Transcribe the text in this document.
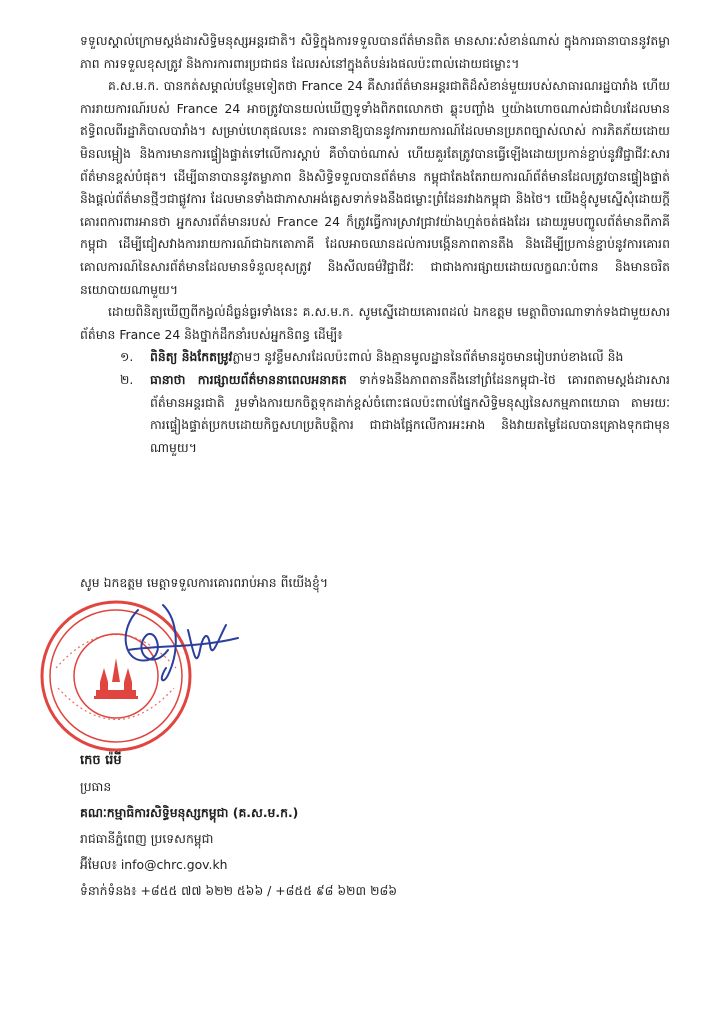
ទទួលស្គាល់ក្រោមស្តង់ដារសិទ្ធិមនុស្សអន្តរជាតិ។ សិទ្ធិក្នុងការទទួលបានព័ត៌មានពិត មានសារៈសំខាន់ណាស់ ក្នុងការធានាបាននូវតម្លាភាព ការទទួលខុសត្រូវ និងការការពារប្រជាជន ដែលរស់នៅក្នុងតំបន់រងផលប៉ះពាល់ដោយជម្លោះ។

គ.ស.ម.ក. បានកត់សម្គាល់បន្ថែមទៀតថា France 24 គឺសារព័ត៌មានអន្តរជាតិដ៏សំខាន់មួយរបស់សាធារណរដ្ឋបារាំង ហើយការរាយការណ៍របស់ France 24 អាចត្រូវបានយល់ឃើញទូទាំងពិភពលោកថា ឆ្លុះបញ្ចាំង ឬយ៉ាងហោចណាស់ជាជំហរដែលមានឥទ្ធិពលពីរដ្ឋាភិបាលបារាំង។ សម្រាប់ហេតុផលនេះ ការធានាឱ្យបាននូវការរាយការណ៍ដែលមានប្រភពច្បាស់លាស់ ការភិតភ័យដោយមិនលម្អៀង និងការមានការផ្ទៀងផ្ទាត់ទៅលើការស្តាប់ គឺចាំបាច់ណាស់ ហើយគួរតែត្រូវបានធ្វើឡើងដោយប្រកាន់ខ្ជាប់នូវវិជ្ជាជីវៈសារព័ត៌មានខ្ពស់បំផុត។ ដើម្បីធានាបាននូវតម្លាភាព និងសិទ្ធិទទួលបានព័ត៌មាន កម្ពុជាតែងតែរាយការណ៍ព័ត៌មានដែលត្រូវបានផ្ទៀងផ្ទាត់ និងផ្តល់ព័ត៌មានថ្មីៗជាផ្លូវការ ដែលមានទាំងជាភាសាអង់គ្លេសទាក់ទងនឹងជម្លោះព្រំដែនរវាងកម្ពុជា និងថៃ។ យើងខ្ញុំសូមស្នើសុំដោយក្តីគោរពការពារអានថា អ្នកសារព័ត៌មានរបស់ France 24 ក៏ត្រូវធ្វើការស្រាវជ្រាវយ៉ាងហ្មត់ចត់ផងដែរ ដោយរួមបញ្ចូលព័ត៌មានពីភាគីកម្ពុជា ដើម្បីជៀសវាងការរាយការណ៍ជាឯកតោភាគី ដែលអាចឈានដល់ការបង្កើនភាពតានតឹង និងដើម្បីប្រកាន់ខ្ជាប់នូវការគោរពគោលការណ៍នៃសារព័ត៌មានដែលមានទំនួលខុសត្រូវ និងសីលធម៌វិជ្ជាជីវៈ ជាជាងការផ្សាយដោយលក្ខណៈបំពាន និងមានចរិតនយោបាយណាមួយ។

ដោយពិនិត្យឃើញពីកង្វល់ដ៏ធ្ងន់ធ្ងរទាំងនេះ គ.ស.ម.ក. សូមស្នើដោយគោរពដល់ ឯកឧត្តម មេត្តាពិចារណាទាក់ទងជាមួយសារព័ត៌មាន France 24 និងថ្នាក់ដឹកនាំរបស់អ្នកនិពន្ធ ដើម្បី៖

១.	ពិនិត្យ និងកែតម្រូវភ្លាមៗ នូវខ្លឹមសារដែលប៉ះពាល់ និងគ្មានមូលដ្ឋាននៃព័ត៌មានដូចមានរៀបរាប់ខាងលើ និង
២.	ធានាថា ការផ្សាយព័ត៌មាននាពេលអនាគត ទាក់ទងនឹងភាពតានតឹងនៅព្រំដែនកម្ពុជា-ថៃ គោរពតាមស្តង់ដារសារព័ត៌មានអន្តរជាតិ រួមទាំងការយកចិត្តទុកដាក់ខ្ពស់ចំពោះផលប៉ះពាល់ផ្នែកសិទ្ធិមនុស្សនៃសកម្មភាពយោធា តាមរយៈការផ្ទៀងផ្ទាត់ប្រកបដោយកិច្ចសហប្រតិបត្តិការ ជាជាងផ្អែកលើការអះអាង និងវាយតម្លៃដែលបានគ្រោងទុកជាមុនណាមួយ។
សូម ឯកឧត្តម មេត្តាទទួលការគោរពរាប់អាន ពីយើងខ្ញុំ។
កេច រ៉េមី
ប្រធាន
គណៈកម្មាធិការសិទ្ធិមនុស្សកម្ពុជា (គ.ស.ម.ក.)
រាជធានីភ្នំពេញ ប្រទេសកម្ពុជា
អ៊ីមែល៖ info@chrc.gov.kh
ទំនាក់ទំនង៖ +៨៥៥ ៧៧ ៦២២ ៥៦៦ / +៨៥៥ ៩៨ ៦២៣ ២៨៦
